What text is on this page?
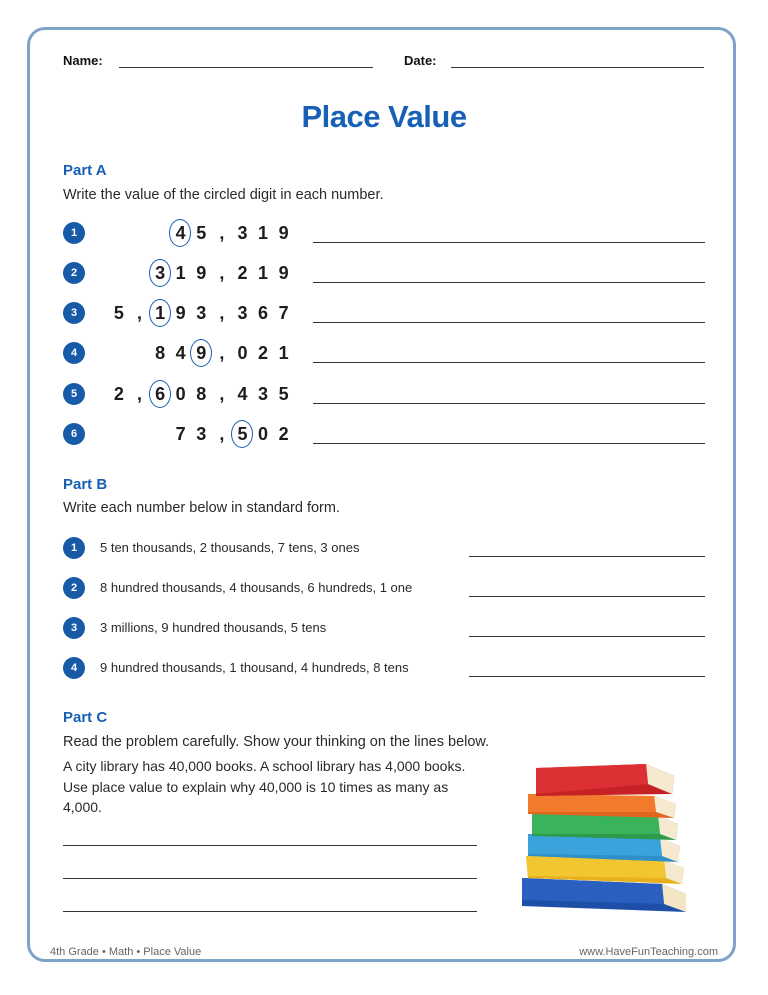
Name:	Date:
Place Value
Part A
Write the value of the circled digit in each number.
1	4 5 , 3 1 9
2	3 1 9 , 2 1 9
3	5 , 1 9 3 , 3 6 7
4	8 4 9 , 0 2 1
5	2 , 6 0 8 , 4 3 5
6	7 3 , 5 0 2
Part B
Write each number below in standard form.
1	5 ten thousands, 2 thousands, 7 tens, 3 ones
2	8 hundred thousands, 4 thousands, 6 hundreds, 1 one
3	3 millions, 9 hundred thousands, 5 tens
4	9 hundred thousands, 1 thousand, 4 hundreds, 8 tens
Part C
Read the problem carefully. Show your thinking on the lines below.
A city library has 40,000 books. A school library has 4,000 books. Use place value to explain why 40,000 is 10 times as many as 4,000.
4th Grade • Math • Place Value	www.HaveFunTeaching.com
